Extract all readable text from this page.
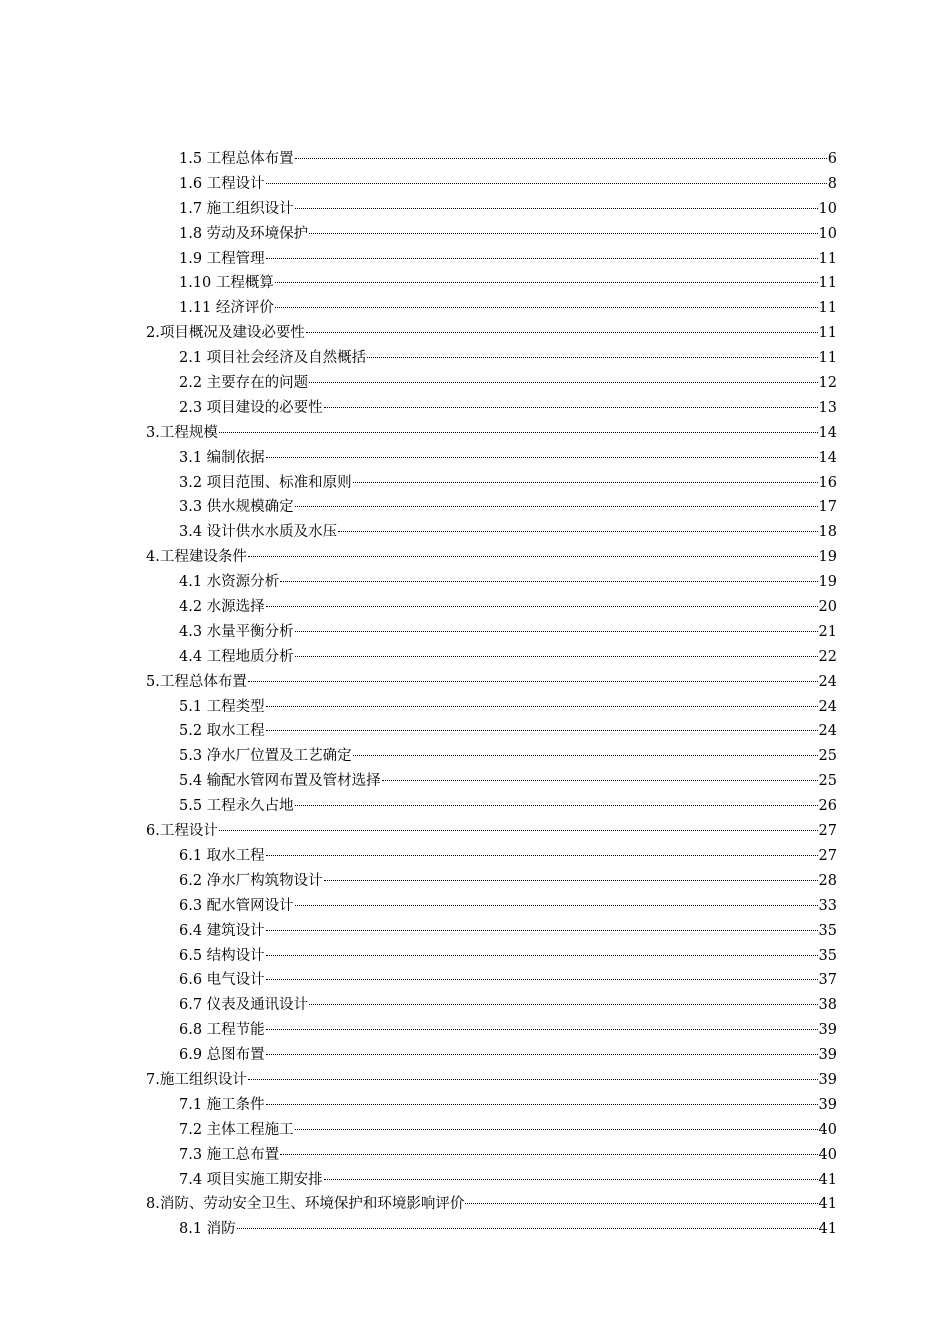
1.5 工程总体布置	6
1.6 工程设计	8
1.7 施工组织设计	10
1.8 劳动及环境保护	10
1.9 工程管理	11
1.10 工程概算	11
1.11 经济评价	11
2.项目概况及建设必要性	11
2.1 项目社会经济及自然概括	11
2.2 主要存在的问题	12
2.3 项目建设的必要性	13
3.工程规模	14
3.1 编制依据	14
3.2 项目范围、标准和原则	16
3.3 供水规模确定	17
3.4 设计供水水质及水压	18
4.工程建设条件	19
4.1 水资源分析	19
4.2 水源选择	20
4.3 水量平衡分析	21
4.4 工程地质分析	22
5.工程总体布置	24
5.1 工程类型	24
5.2 取水工程	24
5.3 净水厂位置及工艺确定	25
5.4 输配水管网布置及管材选择	25
5.5 工程永久占地	26
6.工程设计	27
6.1 取水工程	27
6.2 净水厂构筑物设计	28
6.3 配水管网设计	33
6.4 建筑设计	35
6.5 结构设计	35
6.6 电气设计	37
6.7 仪表及通讯设计	38
6.8 工程节能	39
6.9 总图布置	39
7.施工组织设计	39
7.1 施工条件	39
7.2 主体工程施工	40
7.3 施工总布置	40
7.4 项目实施工期安排	41
8.消防、劳动安全卫生、环境保护和环境影响评价	41
8.1 消防	41
